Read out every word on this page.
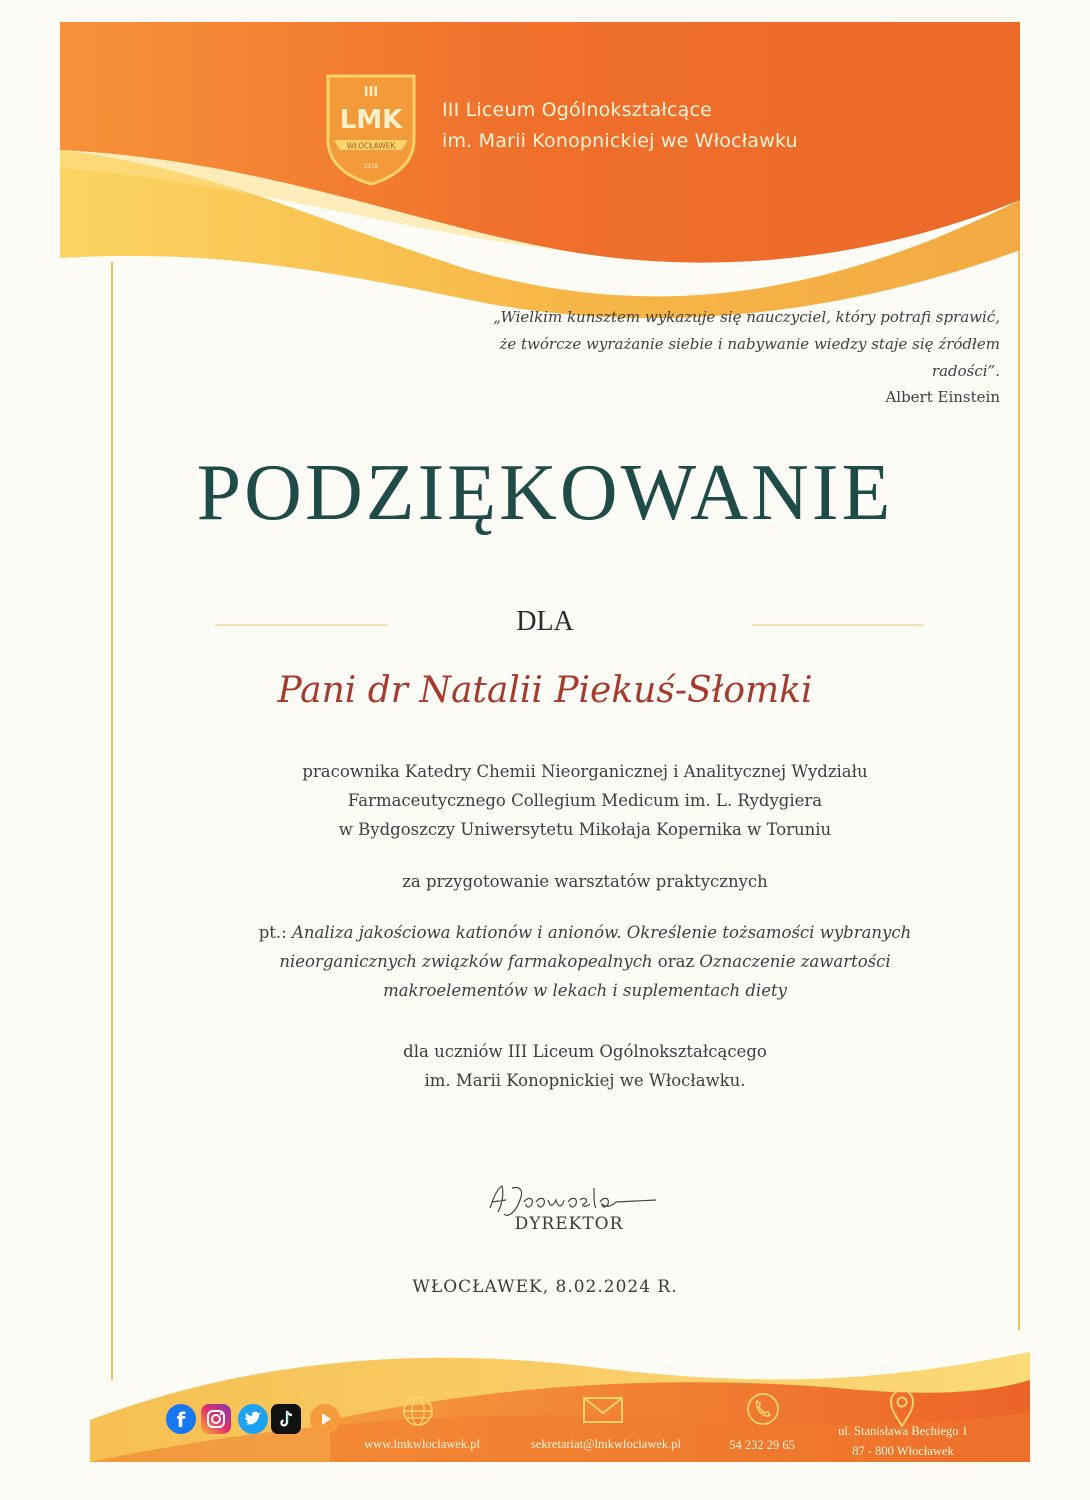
III
LMK
WŁOCŁAWEK
1918
III Liceum Ogólnokształcące
im. Marii Konopnickiej we Włocławku
„Wielkim kunsztem wykazuje się nauczyciel, który potrafi sprawić,
że twórcze wyrażanie siebie i nabywanie wiedzy staje się źródłem
radości”.
Albert Einstein
PODZIĘKOWANIE
DLA
Pani dr Natalii Piekuś-Słomki
pracownika Katedry Chemii Nieorganicznej i Analitycznej Wydziału
Farmaceutycznego Collegium Medicum im. L. Rydygiera
w Bydgoszczy Uniwersytetu Mikołaja Kopernika w Toruniu
za przygotowanie warsztatów praktycznych
pt.: Analiza jakościowa kationów i anionów. Określenie tożsamości wybranych
nieorganicznych związków farmakopealnych oraz Oznaczenie zawartości
makroelementów w lekach i suplementach diety
dla uczniów III Liceum Ogólnokształcącego
im. Marii Konopnickiej we Włocławku.
DYREKTOR
WŁOCŁAWEK, 8.02.2024 R.
f
www.lmkwloclawek.pl	sekretariat@lmkwloclawek.pl	54 232 29 65
ul. Stanisława Bechiego 1
87 - 800 Włocławek
